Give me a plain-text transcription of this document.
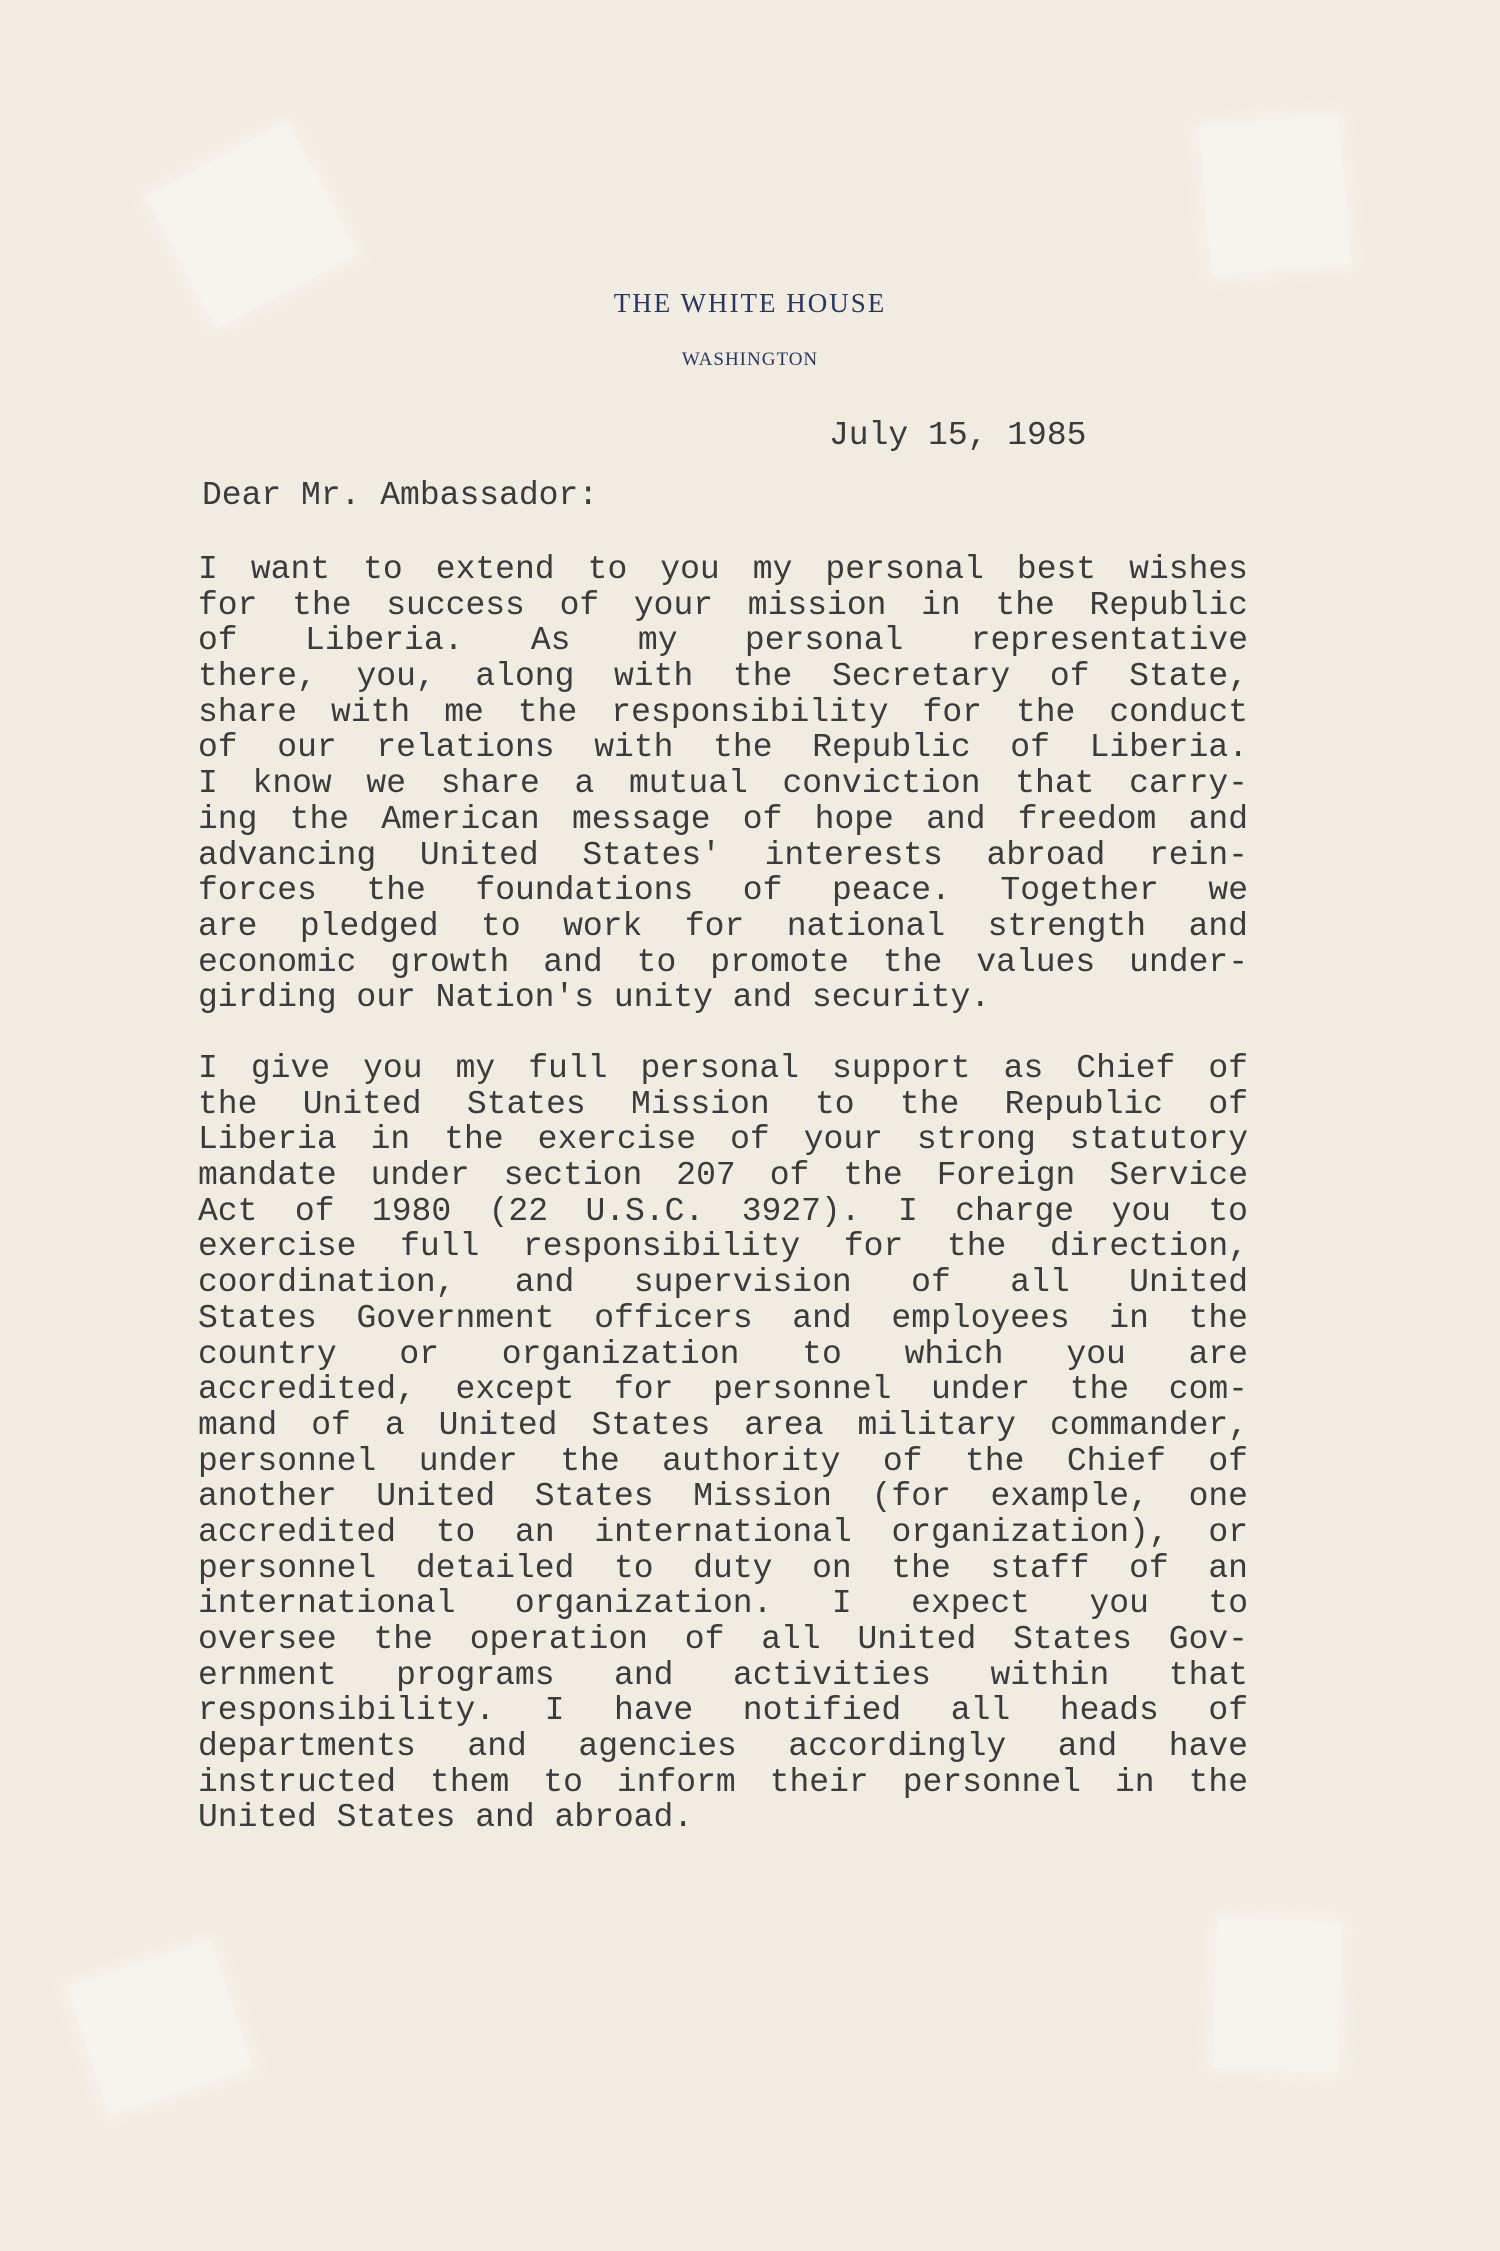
THE WHITE HOUSE
WASHINGTON
July 15, 1985
Dear Mr. Ambassador:
I want to extend to you my personal best wishes
for the success of your mission in the Republic
of Liberia. As my personal representative
there, you, along with the Secretary of State,
share with me the responsibility for the conduct
of our relations with the Republic of Liberia.
I know we share a mutual conviction that carry-
ing the American message of hope and freedom and
advancing United States' interests abroad rein-
forces the foundations of peace. Together we
are pledged to work for national strength and
economic growth and to promote the values under-
girding our Nation's unity and security.
I give you my full personal support as Chief of
the United States Mission to the Republic of
Liberia in the exercise of your strong statutory
mandate under section 207 of the Foreign Service
Act of 1980 (22 U.S.C. 3927). I charge you to
exercise full responsibility for the direction,
coordination, and supervision of all United
States Government officers and employees in the
country or organization to which you are
accredited, except for personnel under the com-
mand of a United States area military commander,
personnel under the authority of the Chief of
another United States Mission (for example, one
accredited to an international organization), or
personnel detailed to duty on the staff of an
international organization. I expect you to
oversee the operation of all United States Gov-
ernment programs and activities within that
responsibility. I have notified all heads of
departments and agencies accordingly and have
instructed them to inform their personnel in the
United States and abroad.
